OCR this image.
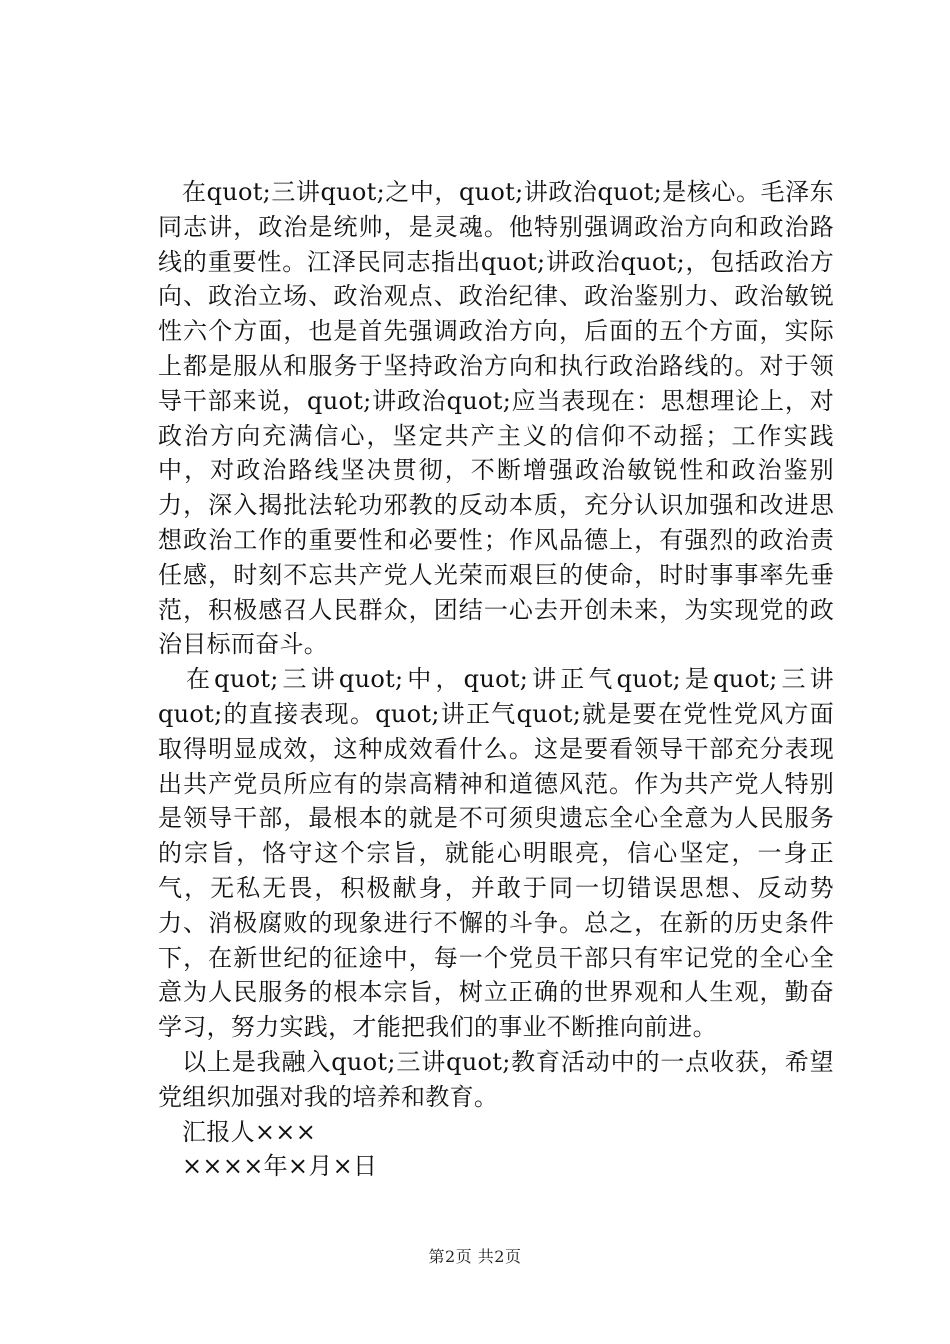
在quot;三讲quot;之中，quot;讲政治quot;是核心。毛泽东同志讲，政治是统帅，是灵魂。他特别强调政治方向和政治路线的重要性。江泽民同志指出quot;讲政治quot;，包括政治方向、政治立场、政治观点、政治纪律、政治鉴别力、政治敏锐性六个方面，也是首先强调政治方向，后面的五个方面，实际上都是服从和服务于坚持政治方向和执行政治路线的。对于领导干部来说，quot;讲政治quot;应当表现在：思想理论上，对政治方向充满信心，坚定共产主义的信仰不动摇；工作实践中，对政治路线坚决贯彻，不断增强政治敏锐性和政治鉴别力，深入揭批法轮功邪教的反动本质，充分认识加强和改进思想政治工作的重要性和必要性；作风品德上，有强烈的政治责任感，时刻不忘共产党人光荣而艰巨的使命，时时事事率先垂范，积极感召人民群众，团结一心去开创未来，为实现党的政治目标而奋斗。

在quot;三讲quot;中，quot;讲正气quot;是quot;三讲quot;的直接表现。quot;讲正气quot;就是要在党性党风方面取得明显成效，这种成效看什么。这是要看领导干部充分表现出共产党员所应有的崇高精神和道德风范。作为共产党人特别是领导干部，最根本的就是不可须臾遗忘全心全意为人民服务的宗旨，恪守这个宗旨，就能心明眼亮，信心坚定，一身正气，无私无畏，积极献身，并敢于同一切错误思想、反动势力、消极腐败的现象进行不懈的斗争。总之，在新的历史条件下，在新世纪的征途中，每一个党员干部只有牢记党的全心全意为人民服务的根本宗旨，树立正确的世界观和人生观，勤奋学习，努力实践，才能把我们的事业不断推向前进。

以上是我融入quot;三讲quot;教育活动中的一点收获，希望党组织加强对我的培养和教育。

汇报人×××

××××年×月×日

第2页 共2页
